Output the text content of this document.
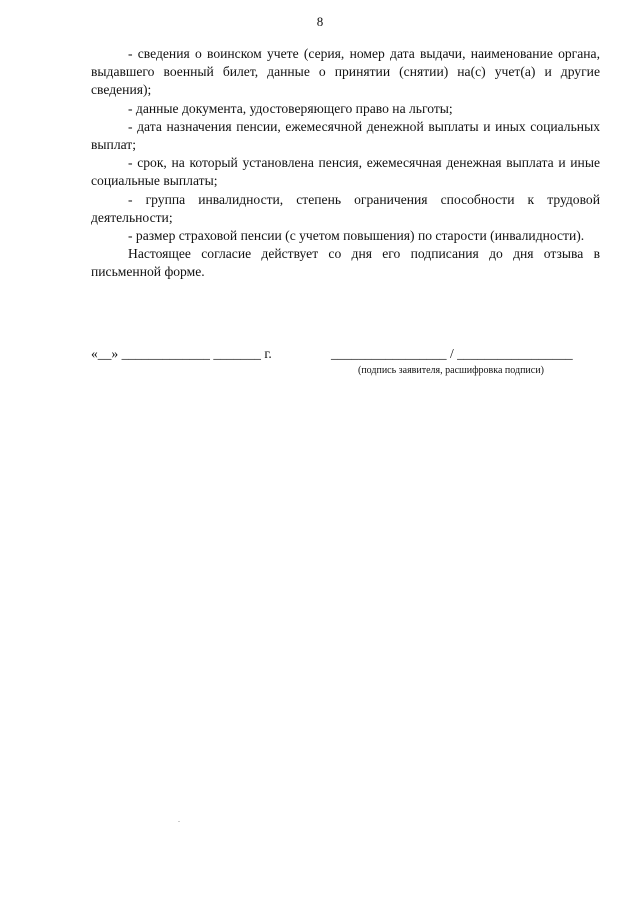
8

- сведения о воинском учете (серия, номер дата выдачи, наименование органа, выдавшего военный билет, данные о принятии (снятии) на(с) учет(а) и другие сведения);

- данные документа, удостоверяющего право на льготы;

- дата назначения пенсии, ежемесячной денежной выплаты и иных социальных выплат;

- срок, на который установлена пенсия, ежемесячная денежная выплата и иные социальные выплаты;

- группа инвалидности, степень ограничения способности к трудовой деятельности;

- размер страховой пенсии (с учетом повышения) по старости (инвалидности).

Настоящее согласие действует со дня его подписания до дня отзыва в письменной форме.

«__» _____________ _______ г.	_________________ / _________________
(подпись заявителя, расшифровка подписи)
